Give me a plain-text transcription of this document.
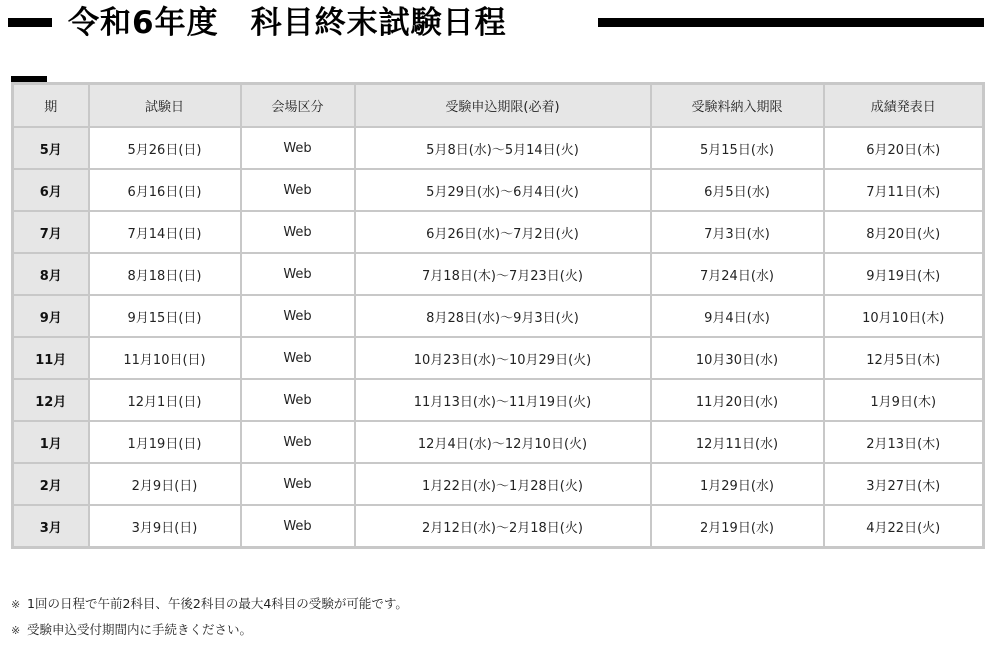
令和6年度　科目終末試験日程
期	試験日	会場区分	受験申込期限(必着)	受験料納入期限	成績発表日
5月	5月26日(日)	Web	5月8日(水)〜5月14日(火)	5月15日(水)	6月20日(木)
6月	6月16日(日)	Web	5月29日(水)〜6月4日(火)	6月5日(水)	7月11日(木)
7月	7月14日(日)	Web	6月26日(水)〜7月2日(火)	7月3日(水)	8月20日(火)
8月	8月18日(日)	Web	7月18日(木)〜7月23日(火)	7月24日(水)	9月19日(木)
9月	9月15日(日)	Web	8月28日(水)〜9月3日(火)	9月4日(水)	10月10日(木)
11月	11月10日(日)	Web	10月23日(水)〜10月29日(火)	10月30日(水)	12月5日(木)
12月	12月1日(日)	Web	11月13日(水)〜11月19日(火)	11月20日(水)	1月9日(木)
1月	1月19日(日)	Web	12月4日(水)〜12月10日(火)	12月11日(水)	2月13日(木)
2月	2月9日(日)	Web	1月22日(水)〜1月28日(火)	1月29日(水)	3月27日(木)
3月	3月9日(日)	Web	2月12日(水)〜2月18日(火)	2月19日(水)	4月22日(火)
※ 1回の日程で午前2科目、午後2科目の最大4科目の受験が可能です。
※ 受験申込受付期間内に手続きください。
